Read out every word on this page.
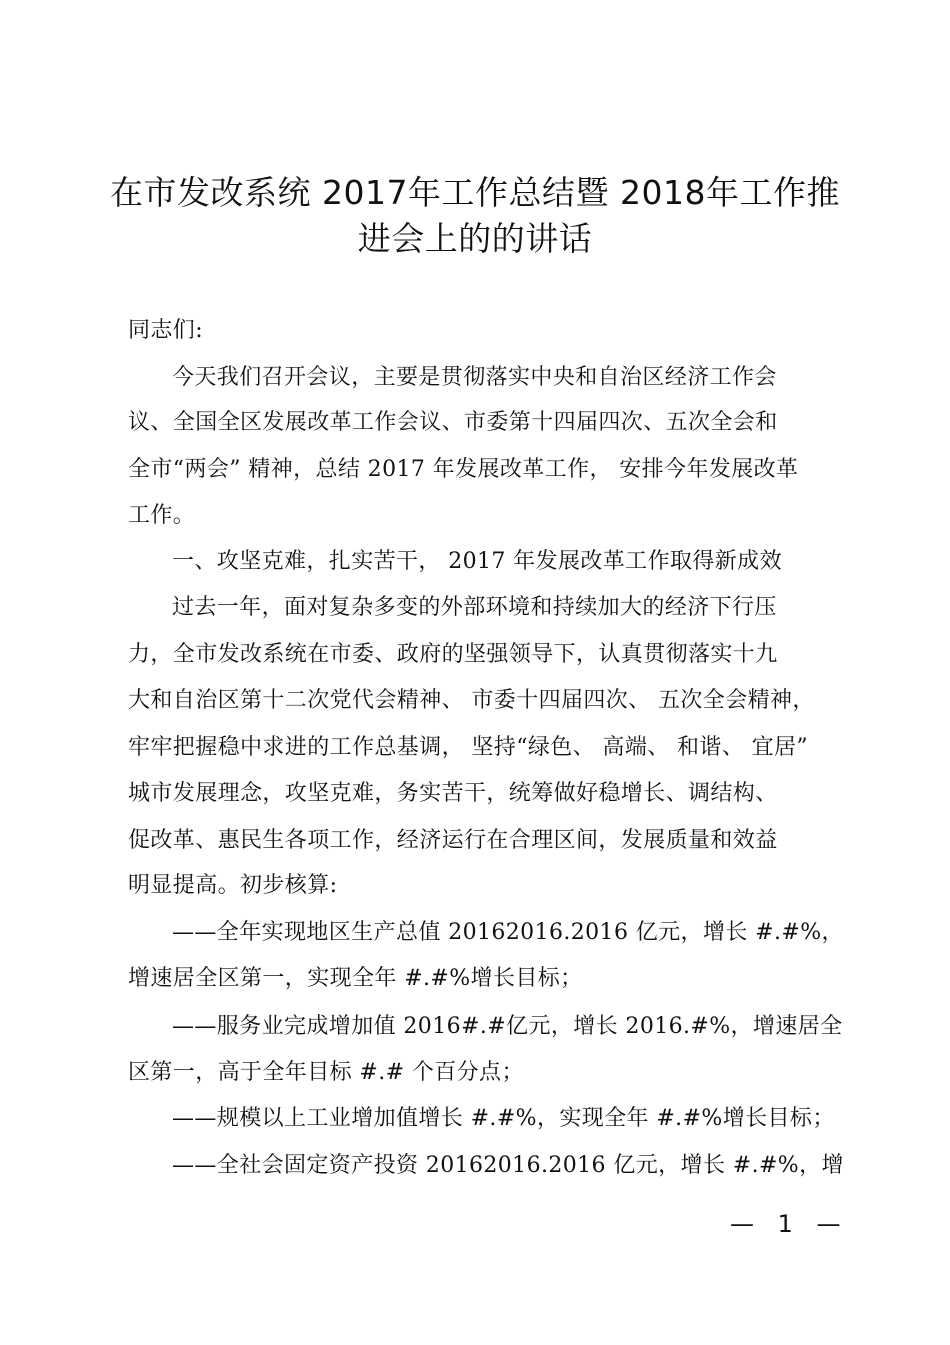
在市发改系统 2017年工作总结暨 2018年工作推
进会上的的讲话
同志们:
今天我们召开会议，主要是贯彻落实中央和自治区经济工作会
议、全国全区发展改革工作会议、市委第十四届四次、五次全会和
全市“两会” 精神，总结 2017 年发展改革工作， 安排今年发展改革
工作。
一、攻坚克难，扎实苦干， 2017 年发展改革工作取得新成效
过去一年，面对复杂多变的外部环境和持续加大的经济下行压
力，全市发改系统在市委、政府的坚强领导下，认真贯彻落实十九
大和自治区第十二次党代会精神、 市委十四届四次、 五次全会精神，
牢牢把握稳中求进的工作总基调， 坚持“绿色、 高端、 和谐、 宜居”
城市发展理念，攻坚克难，务实苦干，统筹做好稳增长、调结构、
促改革、惠民生各项工作，经济运行在合理区间，发展质量和效益
明显提高。初步核算:
——全年实现地区生产总值 20162016.2016 亿元，增长 #.#%，
增速居全区第一，实现全年 #.#%增长目标；
——服务业完成增加值 2016#.#亿元，增长 2016.#%，增速居全
区第一，高于全年目标 #.# 个百分点；
——规模以上工业增加值增长 #.#%，实现全年 #.#%增长目标；
——全社会固定资产投资 20162016.2016 亿元，增长 #.#%，增
— 1 —
